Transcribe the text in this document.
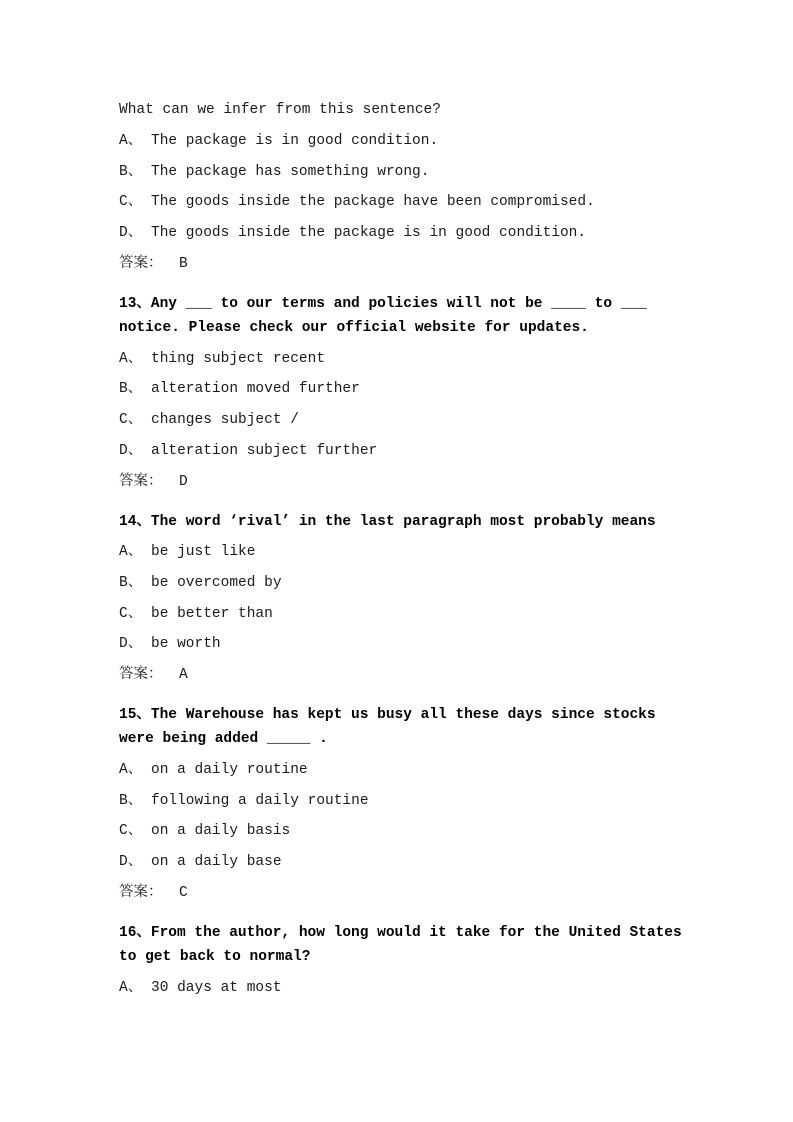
What can we infer from this sentence?
A、 The package is in good condition.
B、 The package has something wrong.
C、 The goods inside the package have been compromised.
D、 The goods inside the package is in good condition.
答案： B
13、Any ___ to our terms and policies will not be ____ to ___ notice. Please check our official website for updates.
A、 thing subject recent
B、 alteration moved further
C、 changes subject /
D、 alteration subject further
答案： D
14、The word ‘rival’ in the last paragraph most probably means
A、 be just like
B、 be overcomed by
C、 be better than
D、 be worth
答案： A
15、The Warehouse has kept us busy all these days since stocks were being added _____ .
A、 on a daily routine
B、 following a daily routine
C、 on a daily basis
D、 on a daily base
答案： C
16、From the author, how long would it take for the United States to get back to normal?
A、 30 days at most
